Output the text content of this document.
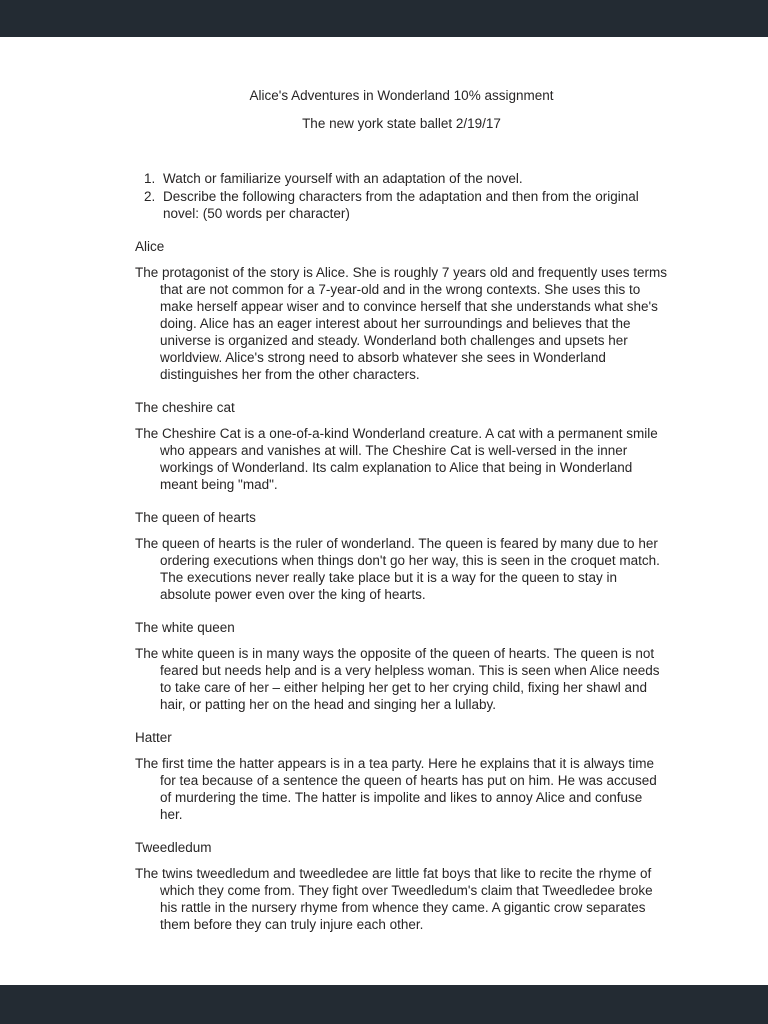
Alice's Adventures in Wonderland 10% assignment

The new york state ballet 2/19/17

1. Watch or familiarize yourself with an adaptation of the novel.
2. Describe the following characters from the adaptation and then from the original novel: (50 words per character)

Alice

The protagonist of the story is Alice. She is roughly 7 years old and frequently uses terms that are not common for a 7-year-old and in the wrong contexts. She uses this to make herself appear wiser and to convince herself that she understands what she's doing. Alice has an eager interest about her surroundings and believes that the universe is organized and steady. Wonderland both challenges and upsets her worldview. Alice's strong need to absorb whatever she sees in Wonderland distinguishes her from the other characters.

The cheshire cat

The Cheshire Cat is a one-of-a-kind Wonderland creature. A cat with a permanent smile who appears and vanishes at will. The Cheshire Cat is well-versed in the inner workings of Wonderland. Its calm explanation to Alice that being in Wonderland meant being "mad".

The queen of hearts

The queen of hearts is the ruler of wonderland. The queen is feared by many due to her ordering executions when things don't go her way, this is seen in the croquet match. The executions never really take place but it is a way for the queen to stay in absolute power even over the king of hearts.

The white queen

The white queen is in many ways the opposite of the queen of hearts. The queen is not feared but needs help and is a very helpless woman. This is seen when Alice needs to take care of her – either helping her get to her crying child, fixing her shawl and hair, or patting her on the head and singing her a lullaby.

Hatter

The first time the hatter appears is in a tea party. Here he explains that it is always time for tea because of a sentence the queen of hearts has put on him. He was accused of murdering the time. The hatter is impolite and likes to annoy Alice and confuse her.

Tweedledum

The twins tweedledum and tweedledee are little fat boys that like to recite the rhyme of which they come from. They fight over Tweedledum's claim that Tweedledee broke his rattle in the nursery rhyme from whence they came. A gigantic crow separates them before they can truly injure each other.
